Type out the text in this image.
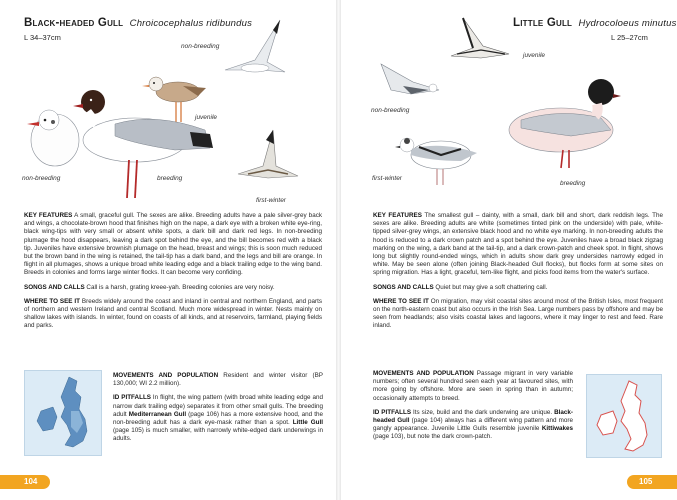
Black-headed Gull Chroicocephalus ridibundus
L 34–37cm
non-breeding
juvenile
non-breeding	breeding
first-winter

KEY FEATURES A small, graceful gull. The sexes are alike. Breeding adults have a pale silver-grey back and wings, a chocolate-brown hood that finishes high on the nape, a dark eye with a broken white eye-ring, black wing-tips with very small or absent white spots, a dark bill and dark red legs. In non-breeding plumage the hood disappears, leaving a dark spot behind the eye, and the bill becomes red with a black tip. Juveniles have extensive brownish plumage on the head, breast and wings; this is soon much reduced but the brown band in the wing is retained, the tail-tip has a dark band, and the legs and bill are orange. In flight in all plumages, shows a unique broad white leading edge and a black trailing edge to the wing band. Breeds in colonies and forms large winter flocks. It can become very confiding.

SONGS AND CALLS Call is a harsh, grating kreee-yah. Breeding colonies are very noisy.

WHERE TO SEE IT Breeds widely around the coast and inland in central and northern England, and parts of northern and western Ireland and central Scotland. Much more widespread in winter. Nests mainly on shallow lakes with islands. In winter, found on coasts of all kinds, and at reservoirs, farmland, playing fields and parks.

MOVEMENTS AND POPULATION Resident and winter visitor (BP 130,000; WI 2.2 million).

ID PITFALLS In flight, the wing pattern (with broad white leading edge and narrow dark trailing edge) separates it from other small gulls. The breeding adult Mediterranean Gull (page 106) has a more extensive hood, and the non-breeding adult has a dark eye-mask rather than a spot. Little Gull (page 105) is much smaller, with narrowly white-edged dark underwings in adults.

104
Little Gull Hydrocoloeus minutus
L 25–27cm
juvenile
non-breeding
first-winter
breeding

KEY FEATURES The smallest gull – dainty, with a small, dark bill and short, dark reddish legs. The sexes are alike. Breeding adults are white (sometimes tinted pink on the underside) with pale, white-tipped silver-grey wings, an extensive black hood and no white eye marking. In non-breeding adults the hood is reduced to a dark crown patch and a spot behind the eye. Juveniles have a broad black zigzag marking on the wing, a dark band at the tail-tip, and a dark crown-patch and cheek spot. In flight, shows long but slightly round-ended wings, which in adults show dark grey undersides narrowly edged in white. May be seen alone (often joining Black-headed Gull flocks), but flocks form at some sites on spring migration. Has a light, graceful, tern-like flight, and picks food items from the water's surface.

SONGS AND CALLS Quiet but may give a soft chattering call.

WHERE TO SEE IT On migration, may visit coastal sites around most of the British Isles, most frequent on the north-eastern coast but also occurs in the Irish Sea. Large numbers pass by offshore and may be seen from headlands; also visits coastal lakes and lagoons, where it may linger to rest and feed. Rare inland.

MOVEMENTS AND POPULATION Passage migrant in very variable numbers; often several hundred seen each year at favoured sites, with more going by offshore. More are seen in spring than in autumn; occasionally attempts to breed.

ID PITFALLS Its size, build and the dark underwing are unique. Black-headed Gull (page 104) always has a different wing pattern and more gangly appearance. Juvenile Little Gulls resemble juvenile Kittiwakes (page 103), but note the dark crown-patch.

105
